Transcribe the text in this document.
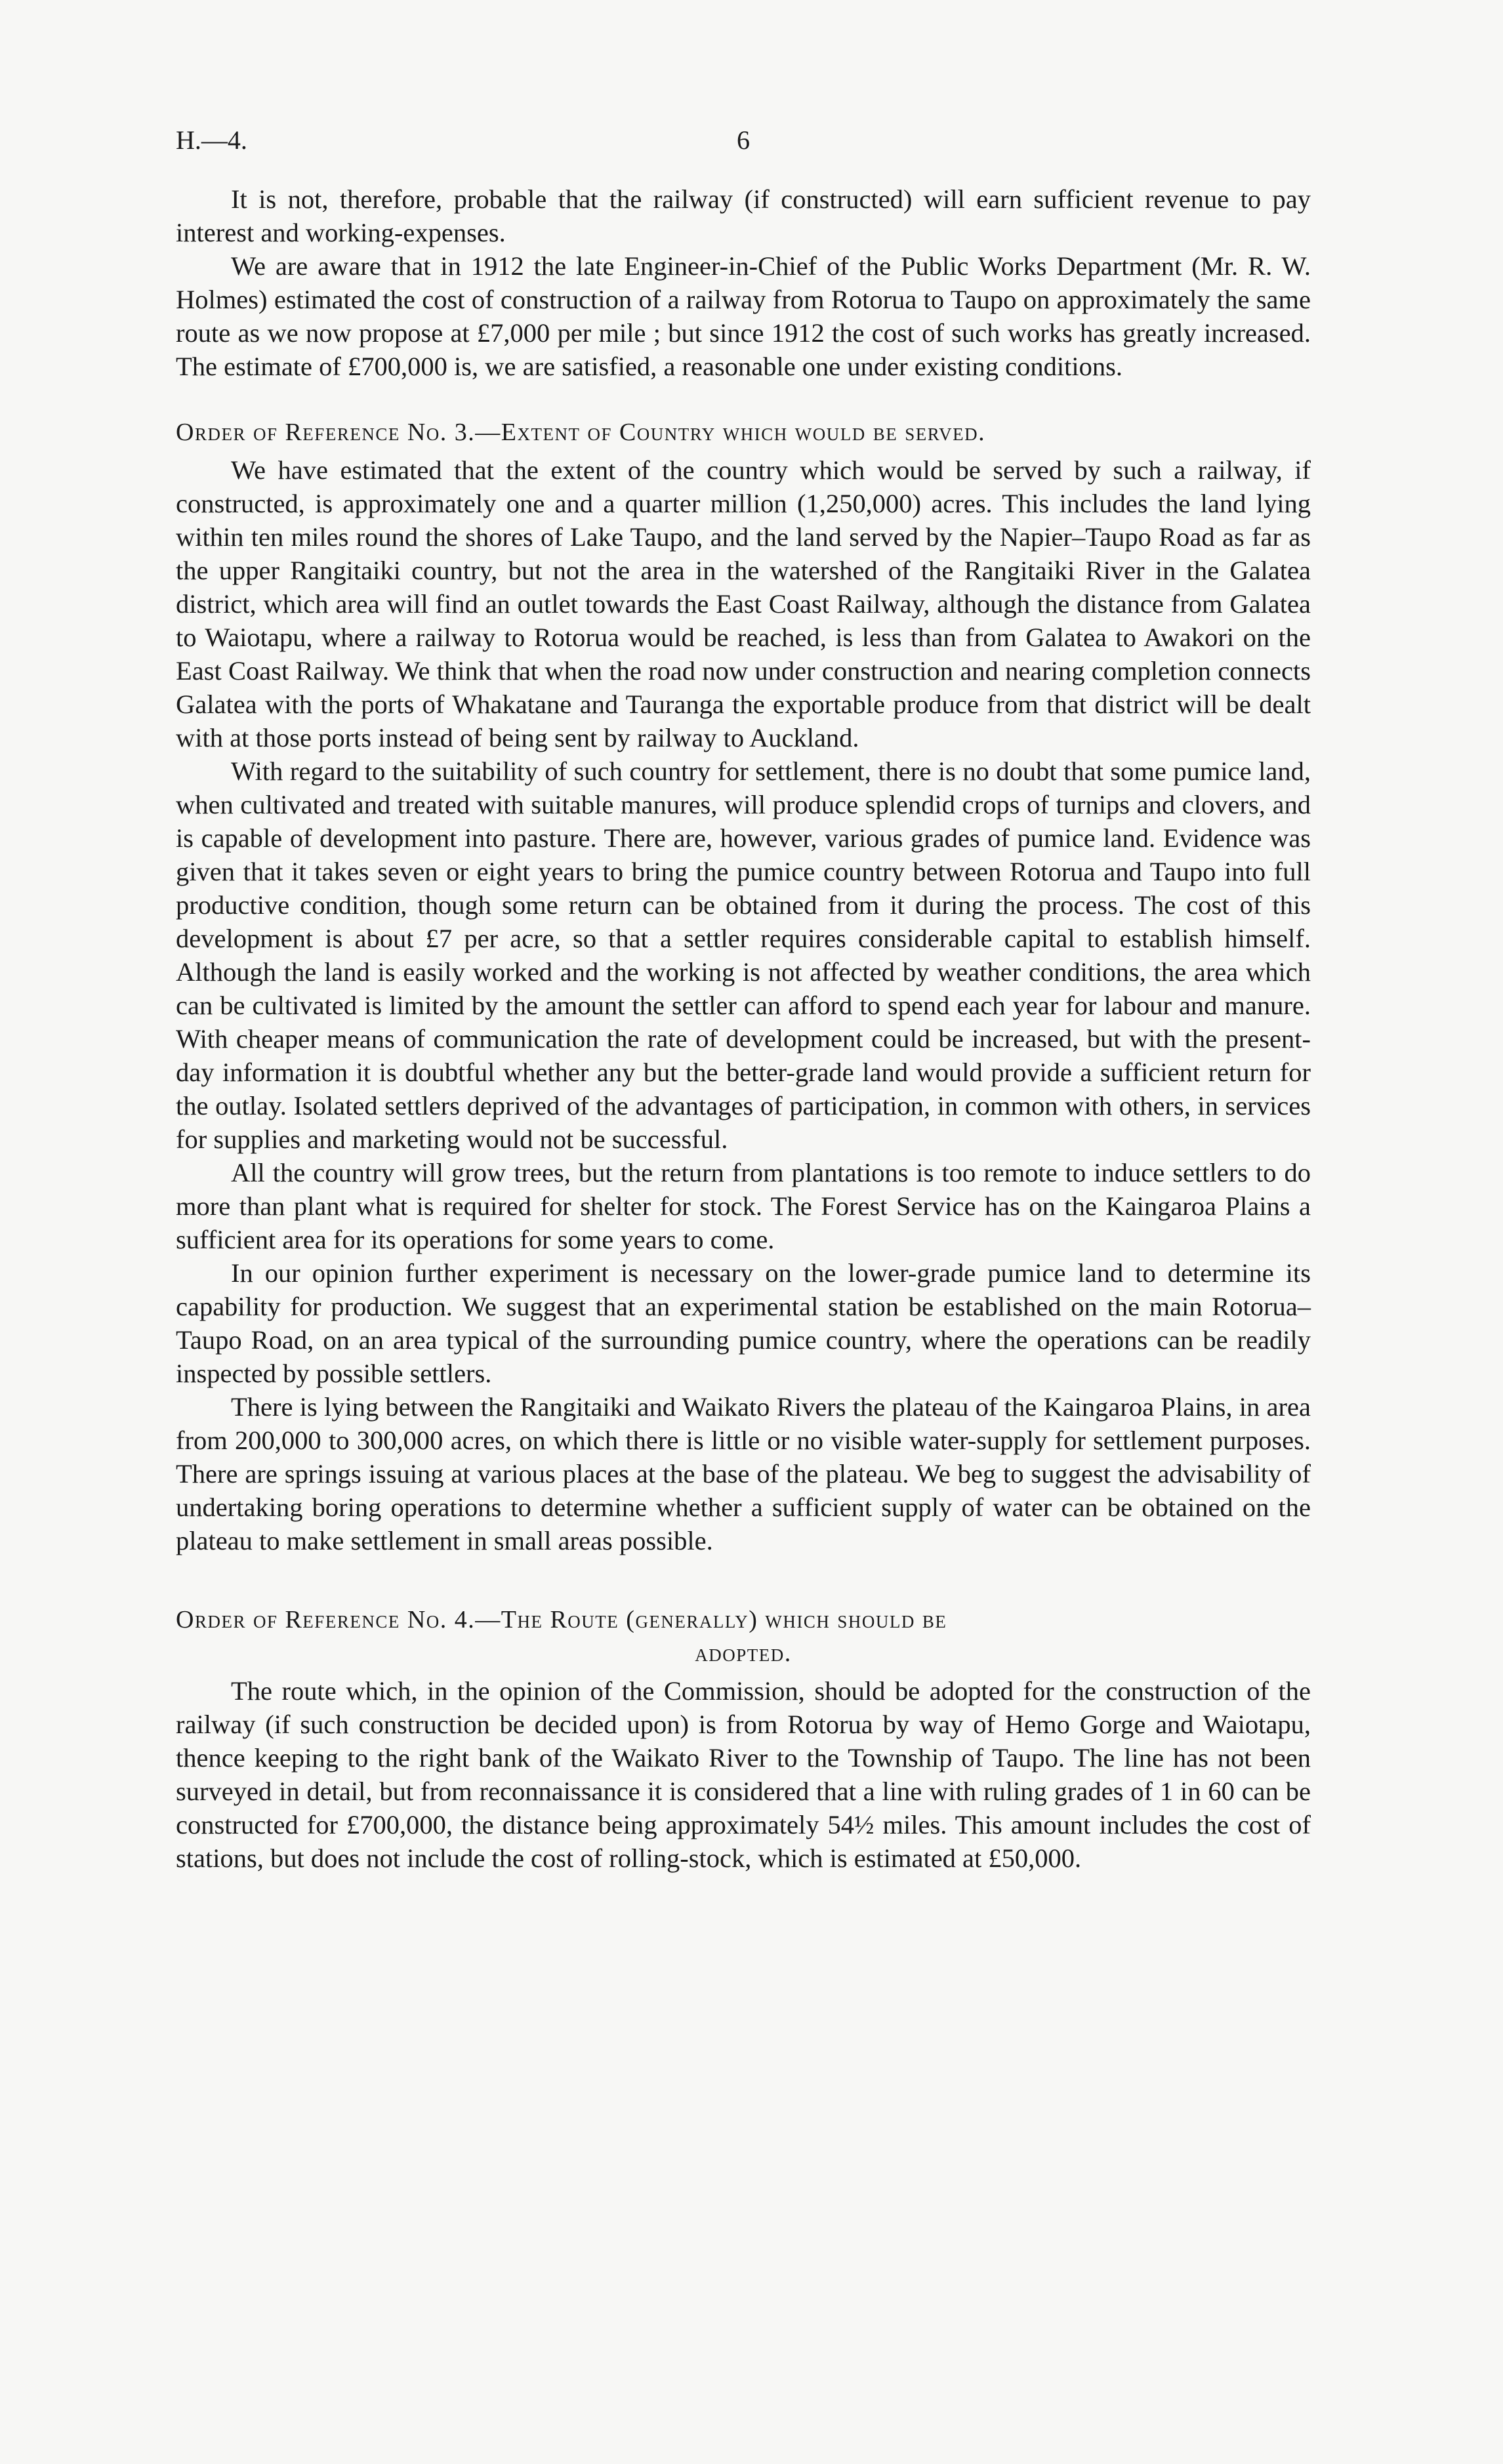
H.—4.	6

It is not, therefore, probable that the railway (if constructed) will earn sufficient revenue to pay interest and working-expenses.

We are aware that in 1912 the late Engineer-in-Chief of the Public Works Department (Mr. R. W. Holmes) estimated the cost of construction of a railway from Rotorua to Taupo on approximately the same route as we now propose at £7,000 per mile ; but since 1912 the cost of such works has greatly increased. The estimate of £700,000 is, we are satisfied, a reasonable one under existing conditions.

Order of Reference No. 3.—Extent of Country which would be served.

We have estimated that the extent of the country which would be served by such a railway, if constructed, is approximately one and a quarter million (1,250,000) acres. This includes the land lying within ten miles round the shores of Lake Taupo, and the land served by the Napier–Taupo Road as far as the upper Rangitaiki country, but not the area in the watershed of the Rangitaiki River in the Galatea district, which area will find an outlet towards the East Coast Railway, although the distance from Galatea to Waiotapu, where a railway to Rotorua would be reached, is less than from Galatea to Awakori on the East Coast Railway. We think that when the road now under construction and nearing completion connects Galatea with the ports of Whakatane and Tauranga the exportable produce from that district will be dealt with at those ports instead of being sent by railway to Auckland.

With regard to the suitability of such country for settlement, there is no doubt that some pumice land, when cultivated and treated with suitable manures, will produce splendid crops of turnips and clovers, and is capable of development into pasture. There are, however, various grades of pumice land. Evidence was given that it takes seven or eight years to bring the pumice country between Rotorua and Taupo into full productive condition, though some return can be obtained from it during the process. The cost of this development is about £7 per acre, so that a settler requires considerable capital to establish himself. Although the land is easily worked and the working is not affected by weather conditions, the area which can be cultivated is limited by the amount the settler can afford to spend each year for labour and manure. With cheaper means of communication the rate of development could be increased, but with the present-day information it is doubtful whether any but the better-grade land would provide a sufficient return for the outlay. Isolated settlers deprived of the advantages of participation, in common with others, in services for supplies and marketing would not be successful.

All the country will grow trees, but the return from plantations is too remote to induce settlers to do more than plant what is required for shelter for stock. The Forest Service has on the Kaingaroa Plains a sufficient area for its operations for some years to come.

In our opinion further experiment is necessary on the lower-grade pumice land to determine its capability for production. We suggest that an experimental station be established on the main Rotorua–Taupo Road, on an area typical of the surrounding pumice country, where the operations can be readily inspected by possible settlers.

There is lying between the Rangitaiki and Waikato Rivers the plateau of the Kaingaroa Plains, in area from 200,000 to 300,000 acres, on which there is little or no visible water-supply for settlement purposes. There are springs issuing at various places at the base of the plateau. We beg to suggest the advisability of undertaking boring operations to determine whether a sufficient supply of water can be obtained on the plateau to make settlement in small areas possible.

Order of Reference No. 4.—The Route (generally) which should be
adopted.

The route which, in the opinion of the Commission, should be adopted for the construction of the railway (if such construction be decided upon) is from Rotorua by way of Hemo Gorge and Waiotapu, thence keeping to the right bank of the Waikato River to the Township of Taupo. The line has not been surveyed in detail, but from reconnaissance it is considered that a line with ruling grades of 1 in 60 can be constructed for £700,000, the distance being approximately 54½ miles. This amount includes the cost of stations, but does not include the cost of rolling-stock, which is estimated at £50,000.
